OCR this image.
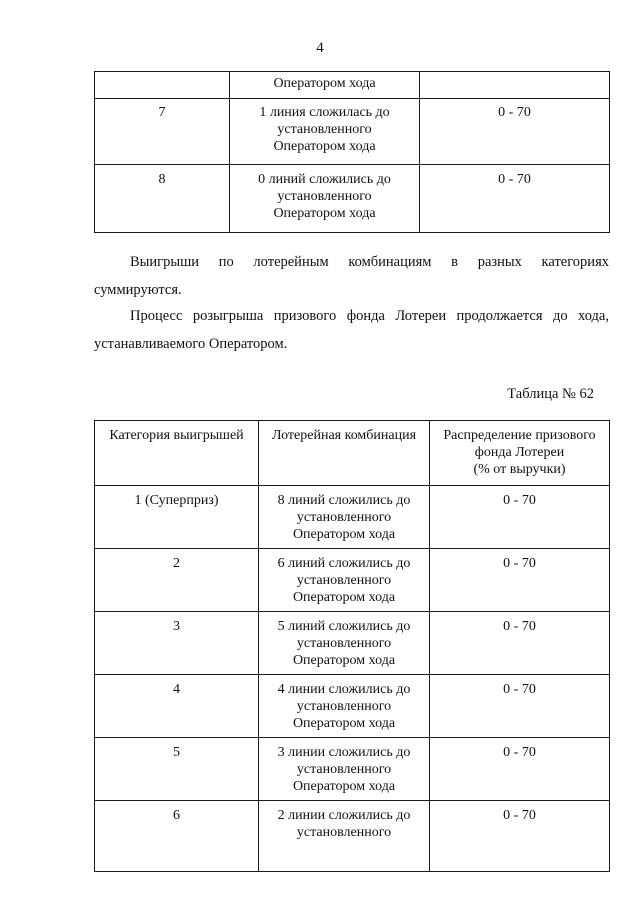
4
	Оператором хода	
7	1 линия сложилась до
установленного
Оператором хода	0 - 70
8	0 линий сложились до
установленного
Оператором хода	0 - 70
Выигрыши по лотерейным комбинациям в разных категориях
суммируются.
Процесс розыгрыша призового фонда Лотереи продолжается до хода,
устанавливаемого Оператором.
Таблица № 62
Категория выигрышей	Лотерейная комбинация	Распределение призового
фонда Лотереи
(% от выручки)
1 (Суперприз)	8 линий сложились до
установленного
Оператором хода	0 - 70
2	6 линий сложились до
установленного
Оператором хода	0 - 70
3	5 линий сложились до
установленного
Оператором хода	0 - 70
4	4 линии сложились до
установленного
Оператором хода	0 - 70
5	3 линии сложились до
установленного
Оператором хода	0 - 70
6	2 линии сложились до
установленного	0 - 70
